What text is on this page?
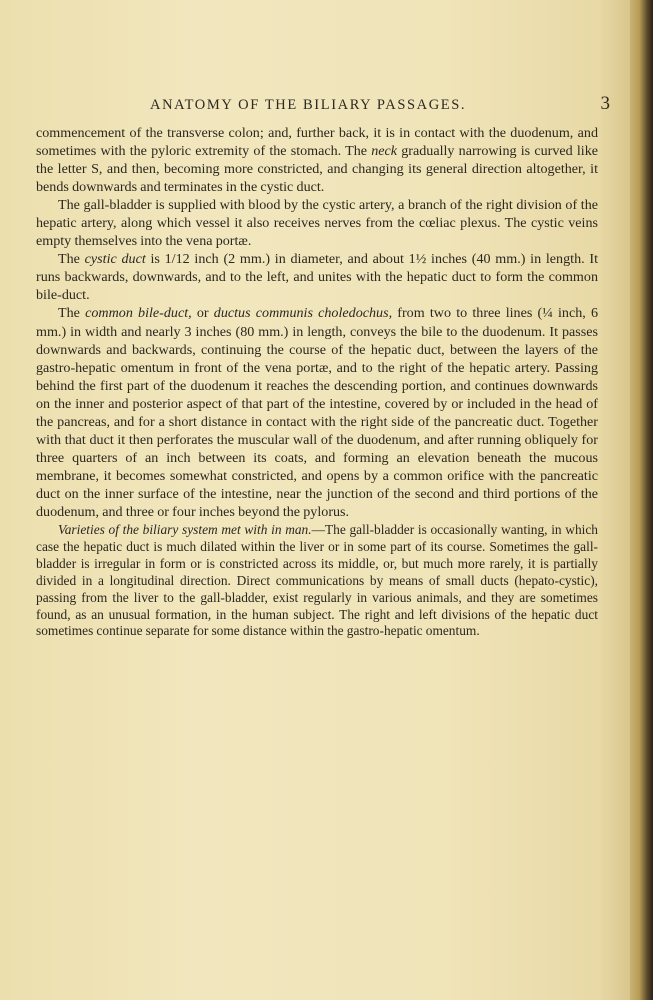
ANATOMY OF THE BILIARY PASSAGES.	3

commencement of the transverse colon; and, further back, it is in contact with the duodenum, and sometimes with the pyloric extremity of the stomach. The neck gradually narrowing is curved like the letter S, and then, becoming more constricted, and changing its general direction altogether, it bends downwards and terminates in the cystic duct.

The gall-bladder is supplied with blood by the cystic artery, a branch of the right division of the hepatic artery, along which vessel it also receives nerves from the cœliac plexus. The cystic veins empty themselves into the vena portæ.

The cystic duct is 1/12 inch (2 mm.) in diameter, and about 1½ inches (40 mm.) in length. It runs backwards, downwards, and to the left, and unites with the hepatic duct to form the common bile-duct.

The common bile-duct, or ductus communis choledochus, from two to three lines (¼ inch, 6 mm.) in width and nearly 3 inches (80 mm.) in length, conveys the bile to the duodenum. It passes downwards and backwards, continuing the course of the hepatic duct, between the layers of the gastro-hepatic omentum in front of the vena portæ, and to the right of the hepatic artery. Passing behind the first part of the duodenum it reaches the descending portion, and continues downwards on the inner and posterior aspect of that part of the intestine, covered by or included in the head of the pancreas, and for a short distance in contact with the right side of the pancreatic duct. Together with that duct it then perforates the muscular wall of the duodenum, and after running obliquely for three quarters of an inch between its coats, and forming an elevation beneath the mucous membrane, it becomes somewhat constricted, and opens by a common orifice with the pancreatic duct on the inner surface of the intestine, near the junction of the second and third portions of the duodenum, and three or four inches beyond the pylorus.

Varieties of the biliary system met with in man.—The gall-bladder is occasionally wanting, in which case the hepatic duct is much dilated within the liver or in some part of its course. Sometimes the gall-bladder is irregular in form or is constricted across its middle, or, but much more rarely, it is partially divided in a longitudinal direction. Direct communications by means of small ducts (hepato-cystic), passing from the liver to the gall-bladder, exist regularly in various animals, and they are sometimes found, as an unusual formation, in the human subject. The right and left divisions of the hepatic duct sometimes continue separate for some distance within the gastro-hepatic omentum.
